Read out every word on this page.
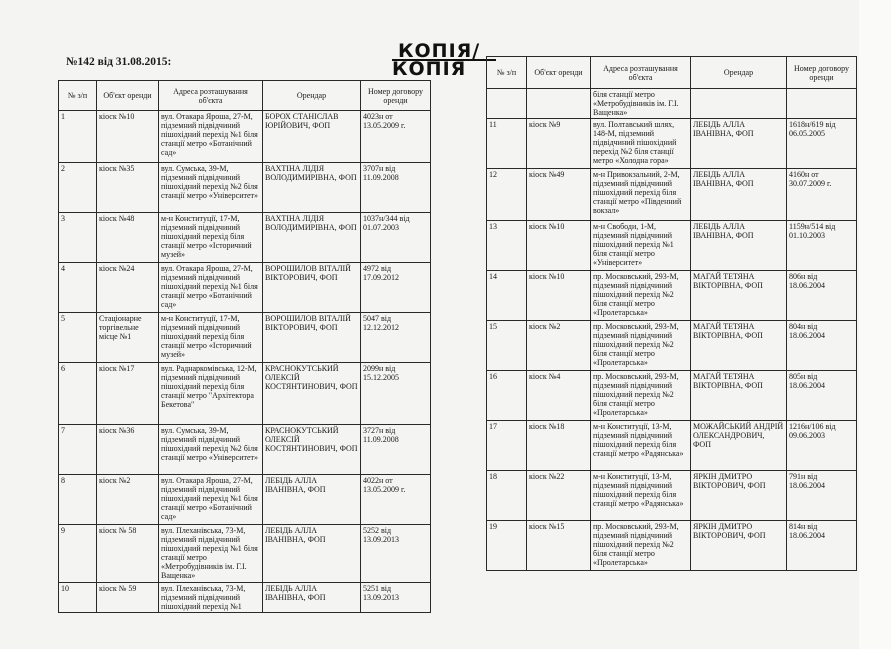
№142 від 31.08.2015:	КОПІЯ/
КОПІЯ
№ з/п	Об'єкт оренди	Адреса розташування об'єкта	Орендар	Номер договору оренди
1	кіоск №10	вул. Отакара Яроша, 27-М, підземний підвідчиний пішохідний перехід №1 біля станції метро «Ботанічний сад»	БОРОХ СТАНІСЛАВ ЮРІЙОВИЧ, ФОП	4023н от 13.05.2009 г.
2	кіоск №35	вул. Сумська, 39-М, підземний підвідчиний пішохідний перехід №2 біля станції метро «Університет»	ВАХТІНА ЛІДІЯ ВОЛОДИМИРІВНА, ФОП	3707н від 11.09.2008
3	кіоск №48	м-н Конституції, 17-М, підземний підвідчиний пішохідний перехід біля станції метро «Історичний музей»	ВАХТІНА ЛІДІЯ ВОЛОДИМИРІВНА, ФОП	1037н/344 від 01.07.2003
4	кіоск №24	вул. Отакара Яроша, 27-М, підземний підвідчиний пішохідний перехід №1 біля станції метро «Ботанічний сад»	ВОРОШИЛОВ ВІТАЛІЙ ВІКТОРОВИЧ, ФОП	4972 від 17.09.2012
5	Стаціонарне торгівельне місце №1	м-н Конституції, 17-М, підземний підвідчиний пішохідний перехід біля станції метро «Історичний музей»	ВОРОШИЛОВ ВІТАЛІЙ ВІКТОРОВИЧ, ФОП	5047 від 12.12.2012
6	кіоск №17	вул. Раднаркомівська, 12-М, підземний підвідчиний пішохідний перехід біля станції метро "Архітектора Бекетова"	КРАСНОКУТСЬКИЙ ОЛЕКСІЙ КОСТЯНТИНОВИЧ, ФОП	2099н від 15.12.2005
7	кіоск №36	вул. Сумська, 39-М, підземний підвідчиний пішохідний перехід №2 біля станції метро «Університет»	КРАСНОКУТСЬКИЙ ОЛЕКСІЙ КОСТЯНТИНОВИЧ, ФОП	3727н від 11.09.2008
8	кіоск №2	вул. Отакара Яроша, 27-М, підземний підвідчиний пішохідний перехід №1 біля станції метро «Ботанічний сад»	ЛЕБІДЬ АЛЛА ІВАНІВНА, ФОП	4022н от 13.05.2009 г.
9	кіоск № 58	вул. Плеханівська, 73-М, підземний підвідчиний пішохідний перехід №1 біля станції метро «Метробудівників ім. Г.І. Ващенка»	ЛЕБІДЬ АЛЛА ІВАНІВНА, ФОП	5252 від 13.09.2013
10	кіоск № 59	вул. Плеханівська, 73-М, підземний підвідчиний пішохідний перехід №1	ЛЕБІДЬ АЛЛА ІВАНІВНА, ФОП	5251 від 13.09.2013
№ з/п	Об'єкт оренди	Адреса розташування об'єкта	Орендар	Номер договору оренди
		біля станції метро «Метробудівників ім. Г.І. Ващенка»		
11	кіоск №9	вул. Полтавський шлях, 148-М, підземний підвідчиний пішохідний перехід №2 біля станції метро «Холодна гора»	ЛЕБІДЬ АЛЛА ІВАНІВНА, ФОП	1618н/619 від 06.05.2005
12	кіоск №49	м-н Привокзальний, 2-М, підземний підвідчиний пішохідний перехід біля станції метро «Південний вокзал»	ЛЕБІДЬ АЛЛА ІВАНІВНА, ФОП	4160н от 30.07.2009 г.
13	кіоск №10	м-н Свободи, 1-М, підземний підвідчиний пішохідний перехід №1 біля станції метро «Університет»	ЛЕБІДЬ АЛЛА ІВАНІВНА, ФОП	1159н/514 від 01.10.2003
14	кіоск №10	пр. Московський, 293-М, підземний підвідчиний пішохідний перехід №2 біля станції метро «Пролетарська»	МАГАЙ ТЕТЯНА ВІКТОРІВНА, ФОП	806н від 18.06.2004
15	кіоск №2	пр. Московський, 293-М, підземний підвідчиний пішохідний перехід №2 біля станції метро «Пролетарська»	МАГАЙ ТЕТЯНА ВІКТОРІВНА, ФОП	804н від 18.06.2004
16	кіоск №4	пр. Московський, 293-М, підземний підвідчиний пішохідний перехід №2 біля станції метро «Пролетарська»	МАГАЙ ТЕТЯНА ВІКТОРІВНА, ФОП	805н від 18.06.2004
17	кіоск №18	м-н Конституції, 13-М, підземний підвідчиний пішохідний перехід біля станції метро «Радянська»	МОЖАЙСЬКИЙ АНДРІЙ ОЛЕКСАНДРОВИЧ, ФОП	1216н/106 від 09.06.2003
18	кіоск №22	м-н Конституції, 13-М, підземний підвідчиний пішохідний перехід біля станції метро «Радянська»	ЯРКІН ДМИТРО ВІКТОРОВИЧ, ФОП	791н від 18.06.2004
19	кіоск №15	пр. Московський, 293-М, підземний підвідчиний пішохідний перехід №2 біля станції метро «Пролетарська»	ЯРКІН ДМИТРО ВІКТОРОВИЧ, ФОП	814н від 18.06.2004
